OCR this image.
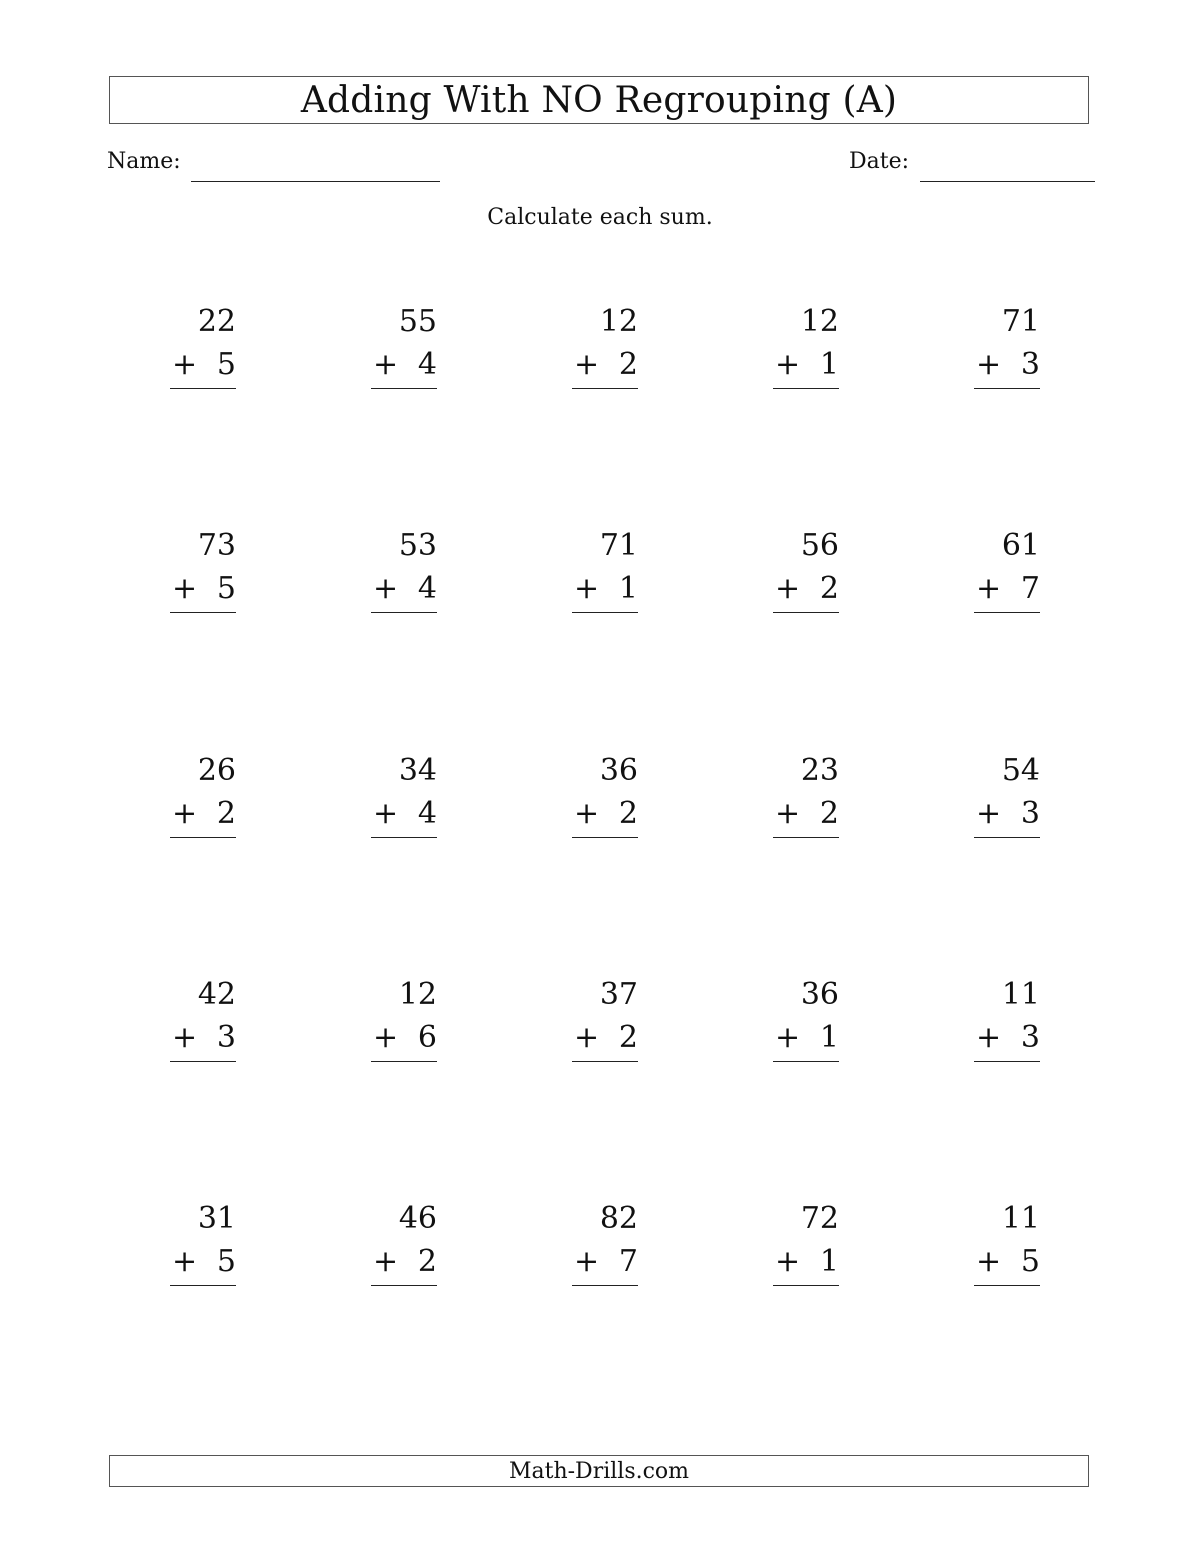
Adding With NO Regrouping (A)
Name:	Date:
Calculate each sum.
22
+ 5
55
+ 4
12
+ 2
12
+ 1
71
+ 3
73
+ 5
53
+ 4
71
+ 1
56
+ 2
61
+ 7
26
+ 2
34
+ 4
36
+ 2
23
+ 2
54
+ 3
42
+ 3
12
+ 6
37
+ 2
36
+ 1
11
+ 3
31
+ 5
46
+ 2
82
+ 7
72
+ 1
11
+ 5
Math-Drills.com
